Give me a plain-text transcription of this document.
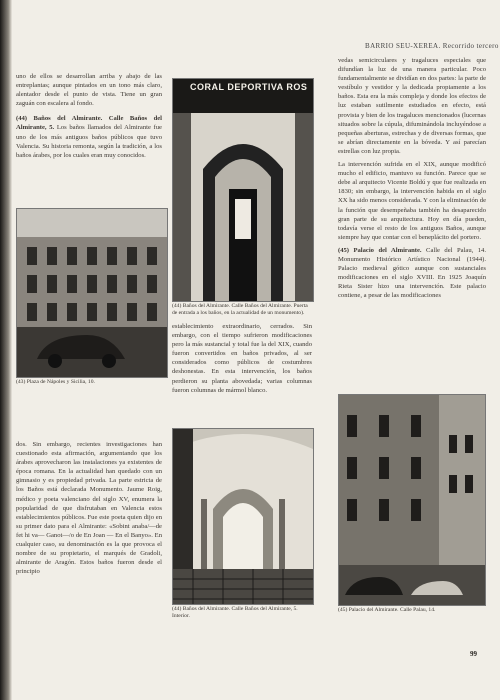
BARRIO SEU-XEREA. Recorrido tercero

uno de ellos se desarrollan arriba y abajo de las entreplantas; aunque pintados en un tono más claro, alentador desde el punto de vista. Tiene un gran zaguán con escalera al fondo.

(44) Baños del Almirante. Calle Baños del Almirante, 5. Los baños llamados del Almirante fue uno de los más antiguos baños públicos que tuvo Valencia. Su historia remonta, según la tradición, a los baños árabes, por los cuales eran muy conocidos.

(43) Plaza de Nápoles y Sicilia, 10.

dos. Sin embargo, recientes investigaciones han cuestionado esta afirmación, argumentando que los árabes aprovecharon las instalaciones ya existentes de época romana. En la actualidad han quedado con un gimnasio y es propiedad privada. La parte estricta de los Baños está declarada Monumento. Jaume Roig, médico y poeta valenciano del siglo XV, enumera la popularidad de que disfrutaban en Valencia estos establecimientos públicos. Fue este poeta quien dijo en su primer dato para el Almirante: «Sobint anaba/—de fet hi va— Ganot—/o de En Joan — En el Banyo». En cualquier caso, su denominación es la que provoca el nombre de su propietario, el marqués de Gradoli, almirante de Aragón. Estos baños fueron desde el principio

CORAL DEPORTIVA ROS
(44) Baños del Almirante. Calle Baños del Almirante. Puerta de entrada a los baños, en la actualidad de un monumento).

establecimiento extraordinario, cerrados. Sin embargo, con el tiempo sufrieron modificaciones pero la más sustancial y total fue la del XIX, cuando fueron convertidos en baños privados, al ser considerados como públicos de costumbres deshonestas. En esta intervención, los baños perdieron su planta abovedada; varias columnas fueron columnas de mármol blanco.

(44) Baños del Almirante. Calle Baños del Almirante, 5. Interior.

vedas semicirculares y tragaluces especiales que difundían la luz de una manera particular. Poco fundamentalmente se dividían en dos partes: la parte de vestíbulo y vestidor y la dedicada propiamente a los baños. Esta era la más compleja y donde los efectos de luz estaban sutilmente estudiados en efecto, está provista y bien de los tragaluces mencionados (lucernas situados sobre la cúpula, difuminándola incluyéndose a pequeñas aberturas, estrechas y de diversas formas, que se abrían directamente en la bóveda. Y así parecían estrellas con luz propia.

La intervención sufrida en el XIX, aunque modificó mucho el edificio, mantuvo su función. Parece que se debe al arquitecto Vicente Boldú y que fue realizada en 1830; sin embargo, la intervención habida en el siglo XX ha sido menos considerada. Y con la eliminación de la función que desempeñaba también ha desaparecido gran parte de su arquitectura. Hoy en día pueden, todavía verse el resto de los antiguos Baños, aunque siempre hay que contar con el beneplácito del portero.

(45) Palacio del Almirante. Calle del Palau, 14. Monumento Histórico Artístico Nacional (1944). Palacio medieval gótico aunque con sustanciales modificaciones en el siglo XVIII. En 1925 Joaquín Rieta Sister hizo una intervención. Este palacio contiene, a pesar de las modificaciones

(45) Palacio del Almirante. Calle Palau, 14.
99
